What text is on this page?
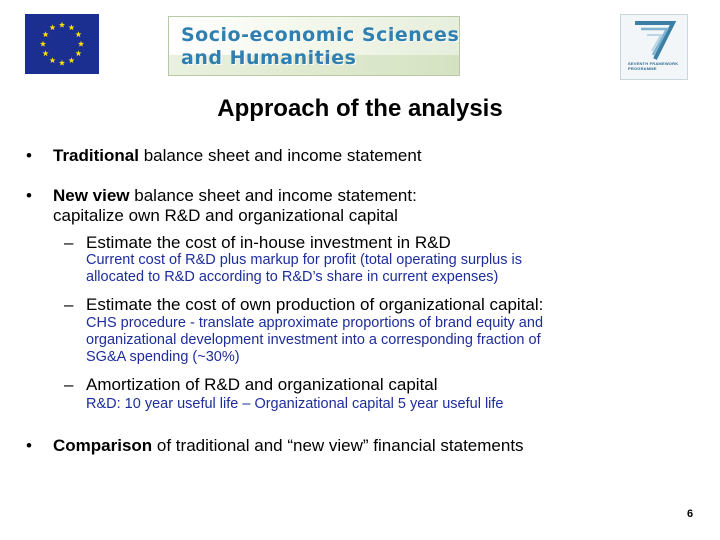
Socio-economic Sciences
and Humanities	SEVENTH FRAMEWORK PROGRAMME
Approach of the analysis
• Traditional balance sheet and income statement
• New view balance sheet and income statement:
capitalize own R&D and organizational capital
– Estimate the cost of in-house investment in R&D
Current cost of R&D plus markup for profit (total operating surplus is
allocated to R&D according to R&D’s share in current expenses)
– Estimate the cost of own production of organizational capital:
CHS procedure - translate approximate proportions of brand equity and
organizational development investment into a corresponding fraction of
SG&A spending (~30%)
– Amortization of R&D and organizational capital
R&D: 10 year useful life – Organizational capital 5 year useful life
• Comparison of traditional and “new view” financial statements
6
